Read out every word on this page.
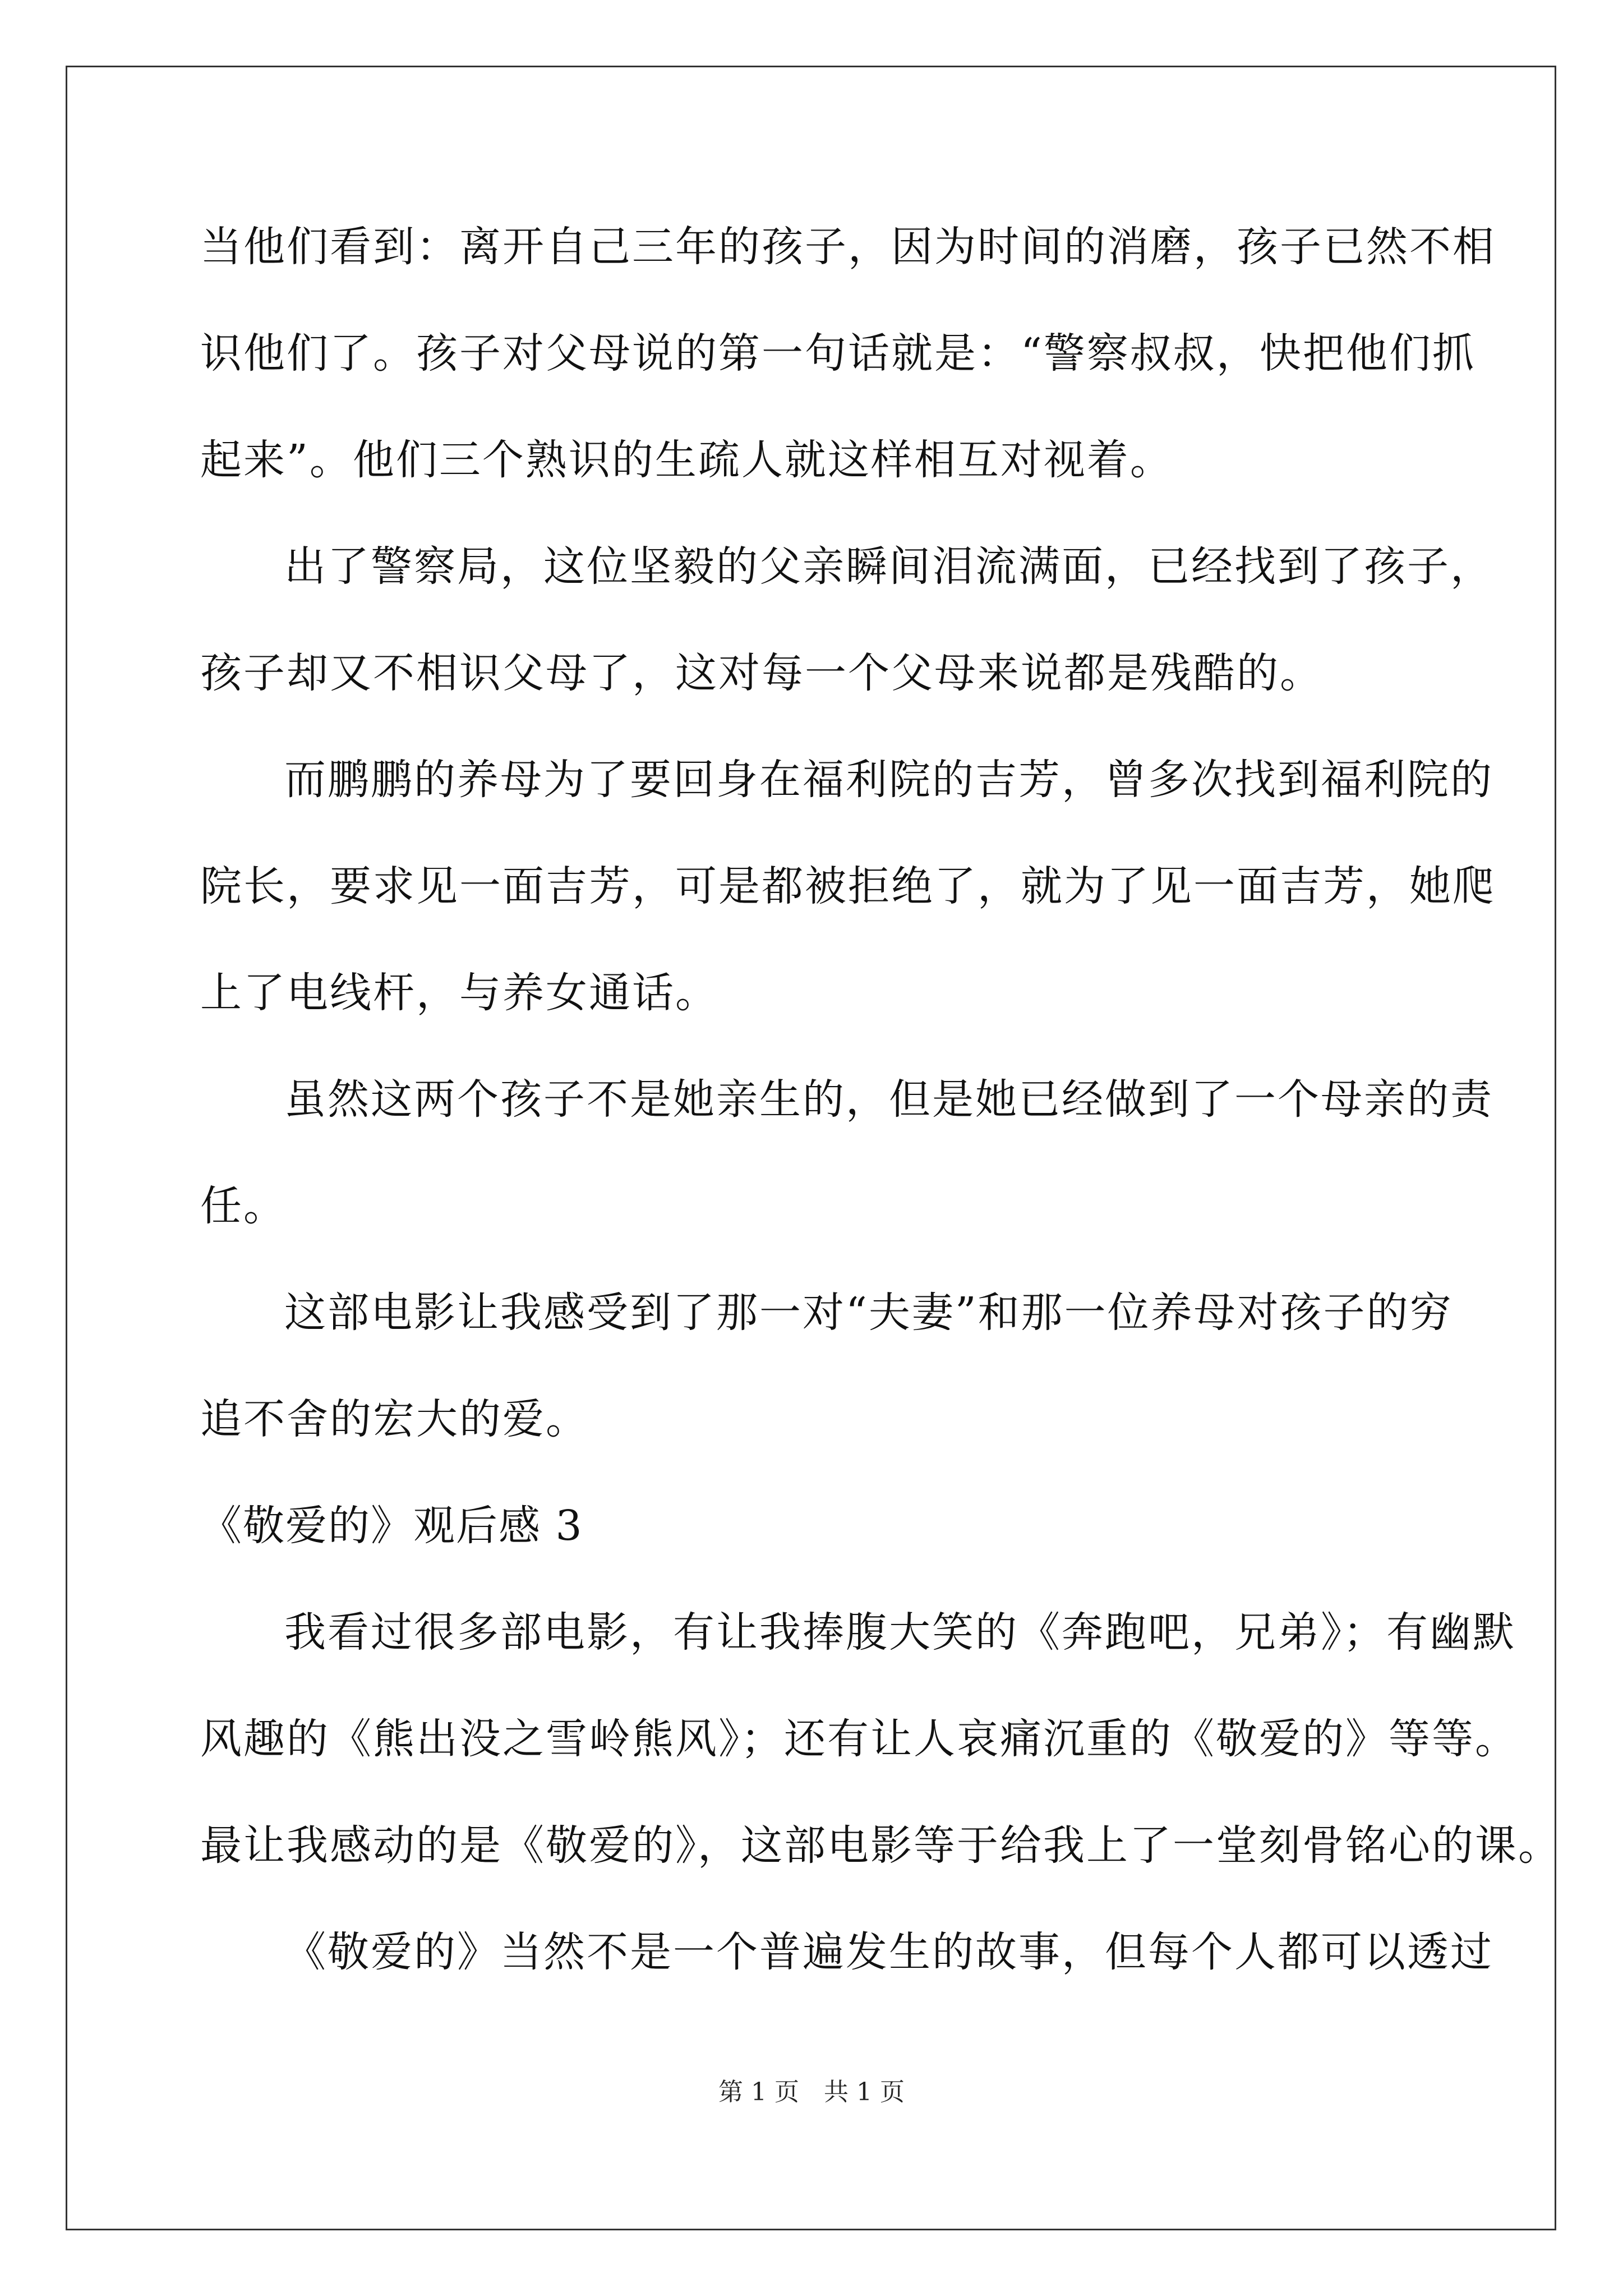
当他们看到：离开自己三年的孩子，因为时间的消磨，孩子已然不相
识他们了。孩子对父母说的第一句话就是：“警察叔叔，快把他们抓
起来”。他们三个熟识的生疏人就这样相互对视着。
出了警察局，这位坚毅的父亲瞬间泪流满面，已经找到了孩子，
孩子却又不相识父母了，这对每一个父母来说都是残酷的。
而鹏鹏的养母为了要回身在福利院的吉芳，曾多次找到福利院的
院长，要求见一面吉芳，可是都被拒绝了，就为了见一面吉芳，她爬
上了电线杆，与养女通话。
虽然这两个孩子不是她亲生的，但是她已经做到了一个母亲的责
任。
这部电影让我感受到了那一对“夫妻”和那一位养母对孩子的穷
追不舍的宏大的爱。
《敬爱的》观后感 3
我看过很多部电影，有让我捧腹大笑的《奔跑吧，兄弟》；有幽默
风趣的《熊出没之雪岭熊风》；还有让人哀痛沉重的《敬爱的》等等。
最让我感动的是《敬爱的》，这部电影等于给我上了一堂刻骨铭心的课。
《敬爱的》当然不是一个普遍发生的故事，但每个人都可以透过
第 1 页　共 1 页
